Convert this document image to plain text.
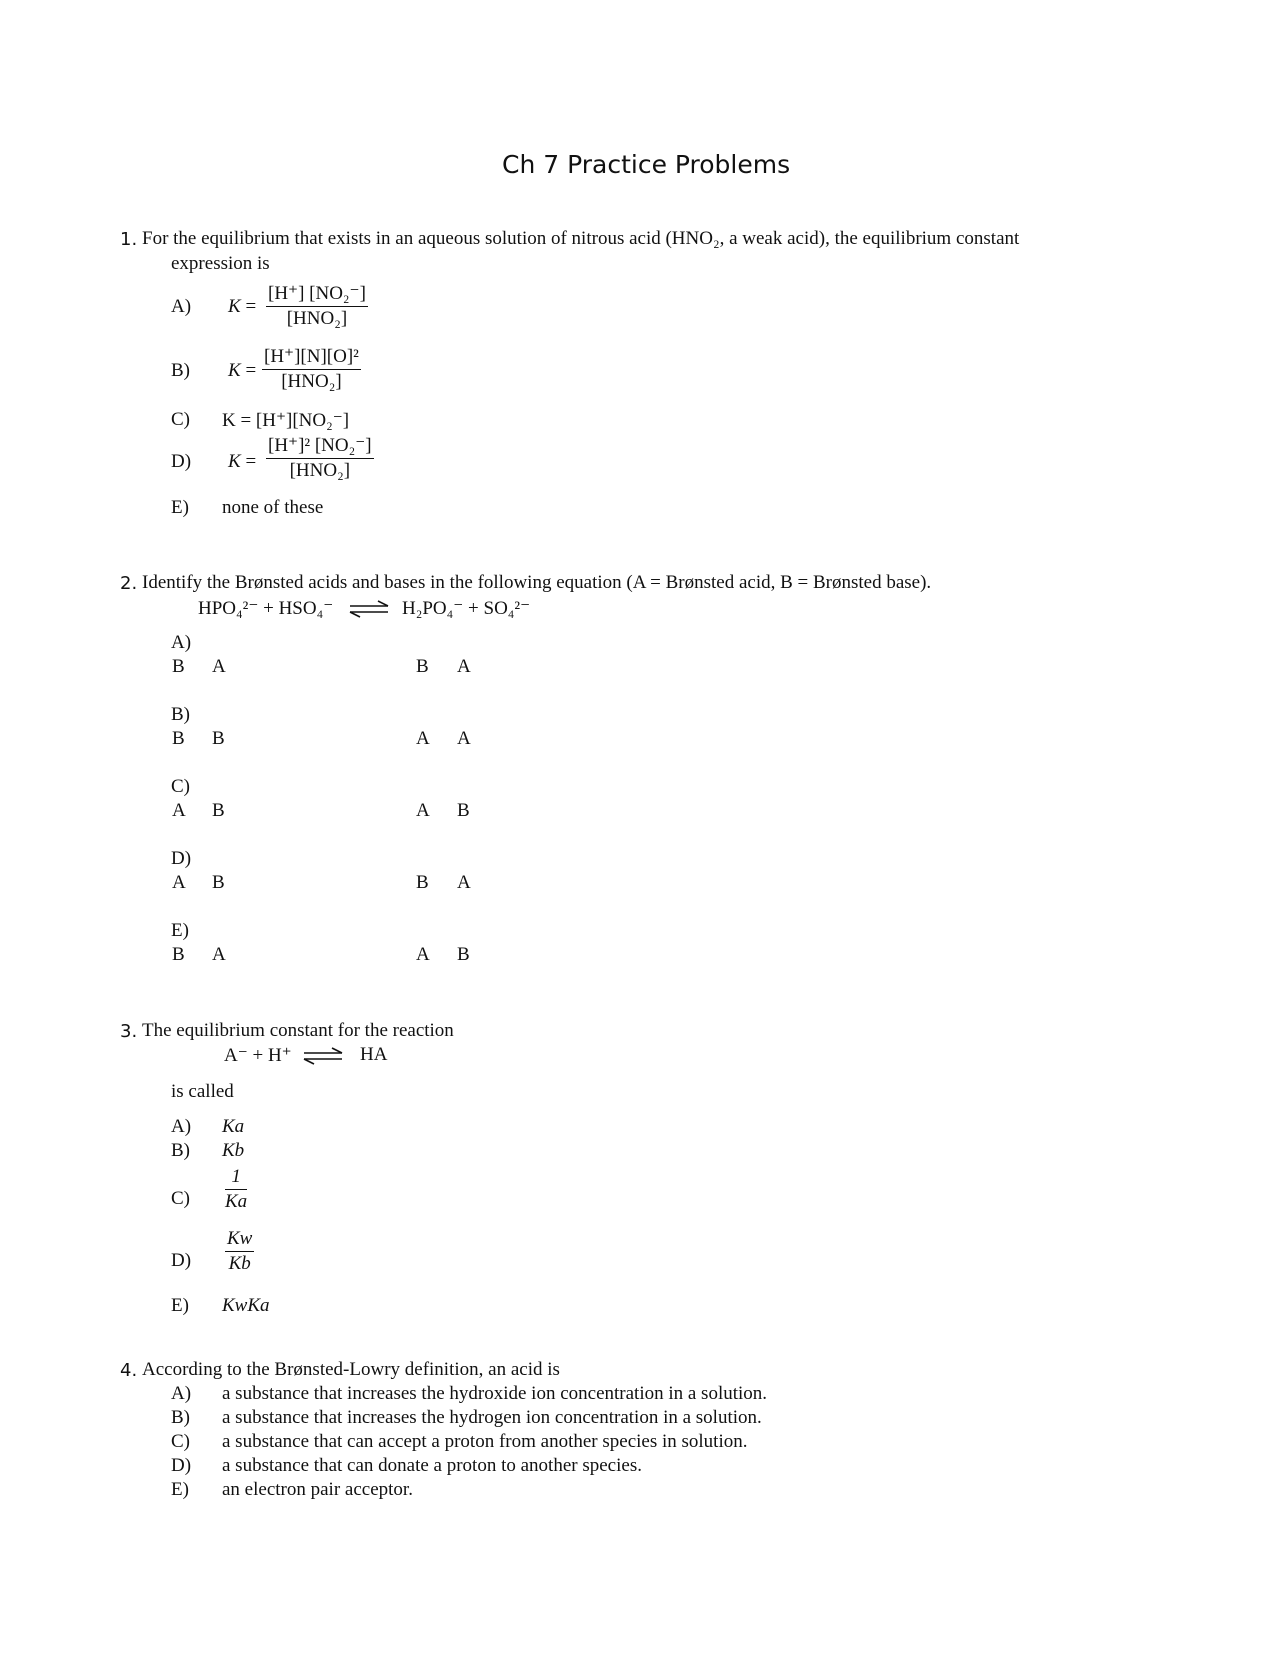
Ch 7 Practice Problems
1. For the equilibrium that exists in an aqueous solution of nitrous acid (HNO₂, a weak acid), the equilibrium constant
expression is
A) K =
[H⁺] [NO₂⁻]
[HNO₂]
B) K =
[H⁺][N][O]²
[HNO₂]
C) K = [H⁺][NO₂⁻]
D) K =
[H⁺]² [NO₂⁻]
[HNO₂]
E) none of these
2. Identify the Brønsted acids and bases in the following equation (A = Brønsted acid, B = Brønsted base).
HPO₄²⁻ + HSO₄⁻ ⇌ H₂PO₄⁻ + SO₄²⁻
A)
B A	B A
B)
B B	A A
C)
A B	A B
D)
A B	B A
E)
B A	A B
3. The equilibrium constant for the reaction
A⁻ + H⁺ ⇌ HA
is called
A) Ka
B) Kb
C)
1
Ka
D)
Kw
Kb
E) KwKa
4. According to the Brønsted-Lowry definition, an acid is
A) a substance that increases the hydroxide ion concentration in a solution.
B) a substance that increases the hydrogen ion concentration in a solution.
C) a substance that can accept a proton from another species in solution.
D) a substance that can donate a proton to another species.
E) an electron pair acceptor.
